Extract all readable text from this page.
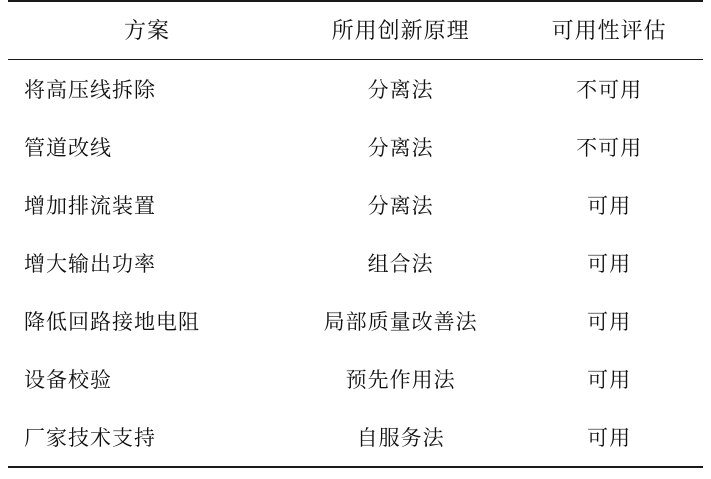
方案	所用创新原理	可用性评估
将高压线拆除	分离法	不可用
管道改线	分离法	不可用
增加排流装置	分离法	可用
增大输出功率	组合法	可用
降低回路接地电阻	局部质量改善法	可用
设备校验	预先作用法	可用
厂家技术支持	自服务法	可用
